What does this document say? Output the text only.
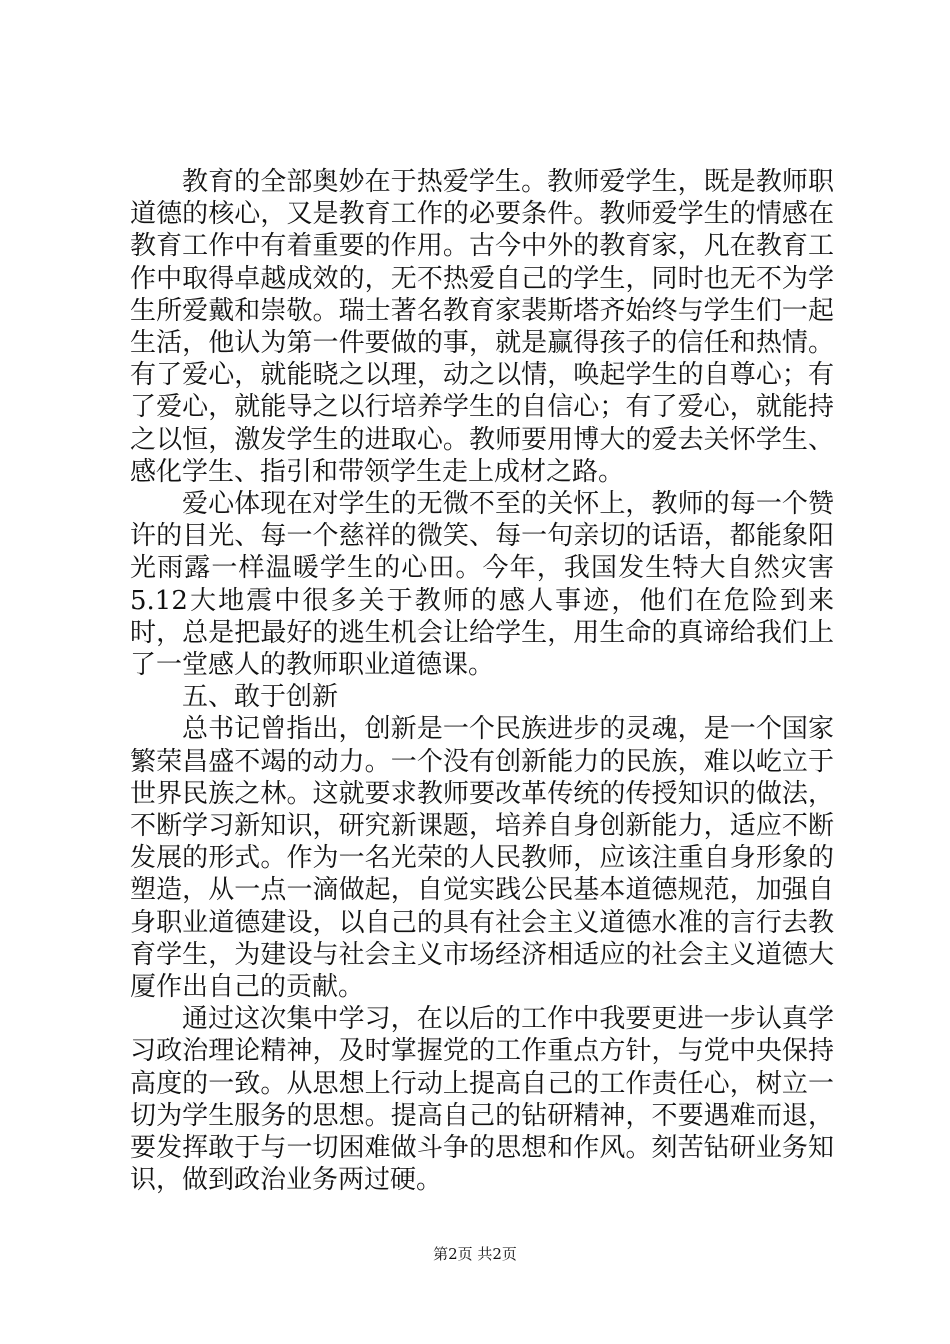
教育的全部奥妙在于热爱学生。教师爱学生，既是教师职道德的核心，又是教育工作的必要条件。教师爱学生的情感在教育工作中有着重要的作用。古今中外的教育家，凡在教育工作中取得卓越成效的，无不热爱自己的学生，同时也无不为学生所爱戴和崇敬。瑞士著名教育家裴斯塔齐始终与学生们一起生活，他认为第一件要做的事，就是赢得孩子的信任和热情。有了爱心，就能晓之以理，动之以情，唤起学生的自尊心；有了爱心，就能导之以行培养学生的自信心；有了爱心，就能持之以恒，激发学生的进取心。教师要用博大的爱去关怀学生、感化学生、指引和带领学生走上成材之路。

爱心体现在对学生的无微不至的关怀上，教师的每一个赞许的目光、每一个慈祥的微笑、每一句亲切的话语，都能象阳光雨露一样温暖学生的心田。今年，我国发生特大自然灾害5.12大地震中很多关于教师的感人事迹，他们在危险到来时，总是把最好的逃生机会让给学生，用生命的真谛给我们上了一堂感人的教师职业道德课。

五、敢于创新

总书记曾指出，创新是一个民族进步的灵魂，是一个国家繁荣昌盛不竭的动力。一个没有创新能力的民族，难以屹立于世界民族之林。这就要求教师要改革传统的传授知识的做法，不断学习新知识，研究新课题，培养自身创新能力，适应不断发展的形式。作为一名光荣的人民教师，应该注重自身形象的塑造，从一点一滴做起，自觉实践公民基本道德规范，加强自身职业道德建设，以自己的具有社会主义道德水准的言行去教育学生，为建设与社会主义市场经济相适应的社会主义道德大厦作出自己的贡献。

通过这次集中学习，在以后的工作中我要更进一步认真学习政治理论精神，及时掌握党的工作重点方针，与党中央保持高度的一致。从思想上行动上提高自己的工作责任心，树立一切为学生服务的思想。提高自己的钻研精神，不要遇难而退，要发挥敢于与一切困难做斗争的思想和作风。刻苦钻研业务知识，做到政治业务两过硬。

第2页 共2页
